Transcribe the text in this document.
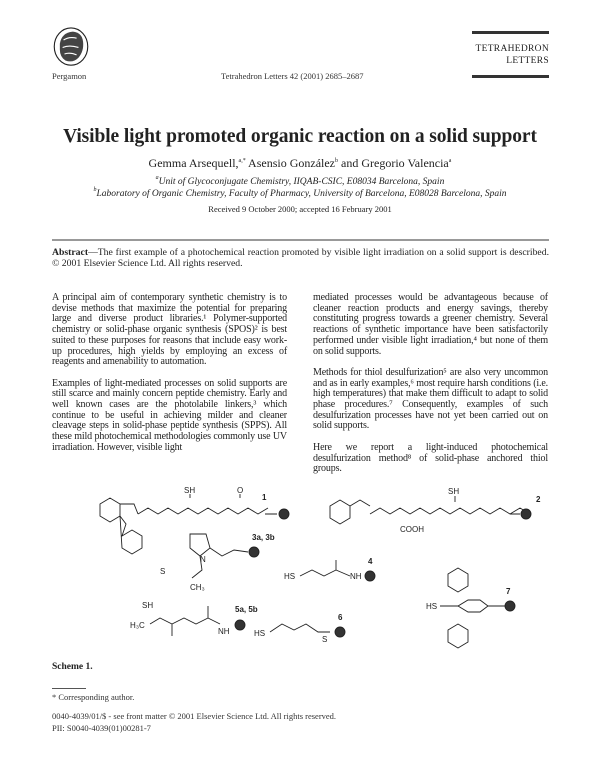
Pergamon	Tetrahedron Letters 42 (2001) 2685–2687
TETRAHEDRON
LETTERS
Visible light promoted organic reaction on a solid support
Gemma Arsequell,$^{a,*}$ Asensio González$^b$ and Gregorio Valencia$^a$
$^a$Unit of Glycoconjugate Chemistry, IIQAB-CSIC, E08034 Barcelona, Spain
$^b$Laboratory of Organic Chemistry, Faculty of Pharmacy, University of Barcelona, E08028 Barcelona, Spain
Received 9 October 2000; accepted 16 February 2001
Abstract—The first example of a photochemical reaction promoted by visible light irradiation on a solid support is described. © 2001 Elsevier Science Ltd. All rights reserved.

A principal aim of contemporary synthetic chemistry is to devise methods that maximize the potential for preparing large and diverse product libraries.¹ Polymer-supported chemistry or solid-phase organic synthesis (SPOS)² is best suited to these purposes for reasons that include easy work-up procedures, high yields by employing an excess of reagents and amenability to automation.

Examples of light-mediated processes on solid supports are still scarce and mainly concern peptide chemistry. Early and well known cases are the photolabile linkers,³ which continue to be useful in achieving milder and cleaner cleavage steps in solid-phase peptide synthesis (SPPS). All these mild photochemical methodologies commonly use UV irradiation. However, visible light

mediated processes would be advantageous because of cleaner reaction products and energy savings, thereby constituting progress towards a greener chemistry. Several reactions of synthetic importance have been satisfactorily performed under visible light irradiation,⁴ but none of them on solid supports.

Methods for thiol desulfurization⁵ are also very uncommon and as in early examples,⁶ most require harsh conditions (i.e. high temperatures) that make them difficult to adapt to solid phase procedures.⁷ Consequently, examples of such desulfurization processes have not yet been carried out on solid supports.

Here we report a light-induced photochemical desulfurization method⁸ of solid-phase anchored thiol groups.

SH	O	SH
COOH
N
S
CH₃
HS	NH
SH
H₃C
NH	HS
S
HS
1	2
3a, 3b
4
5a, 5b
6
7
Scheme 1.
* Corresponding author.
0040-4039/01/$ - see front matter © 2001 Elsevier Science Ltd. All rights reserved.
PII: S0040-4039(01)00281-7
